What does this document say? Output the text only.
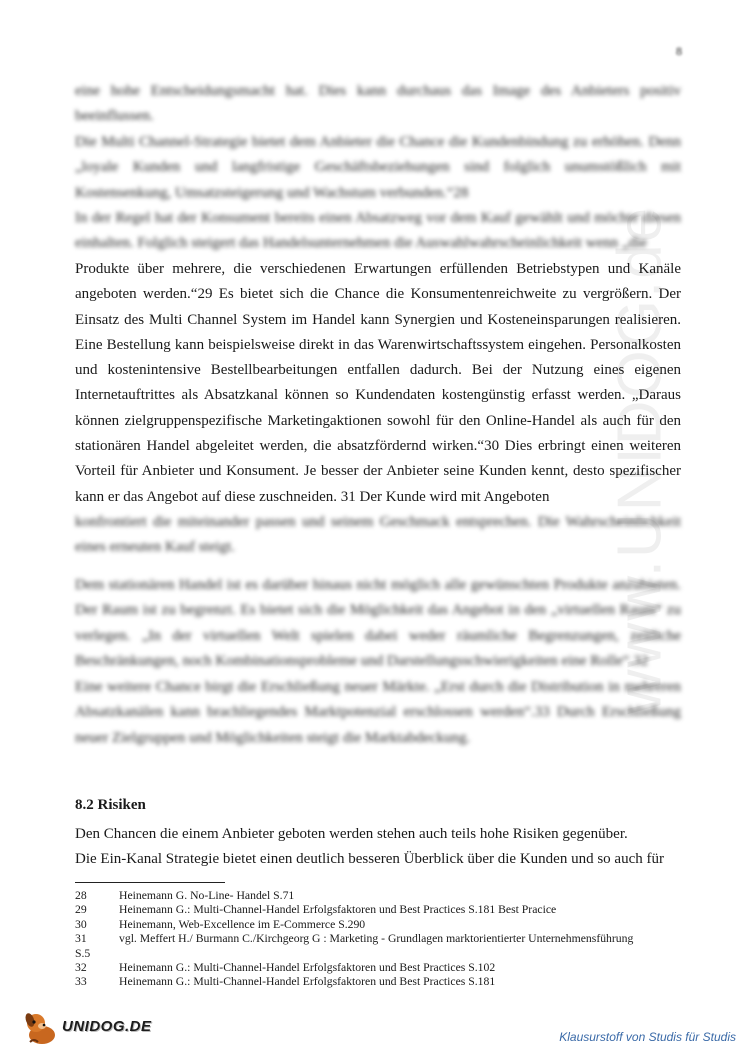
8
www.UNIDOG.de
eine hohe Entscheidungsmacht hat. Dies kann durchaus das Image des Anbieters positiv beeinflussen.
Die Multi Channel-Strategie bietet dem Anbieter die Chance die Kundenbindung zu erhöhen. Denn „loyale Kunden und langfristige Geschäftsbeziehungen sind folglich unumstößlich mit Kostensenkung, Umsatzsteigerung und Wachstum verbunden.“28
In der Regel hat der Konsument bereits einen Absatzweg vor dem Kauf gewählt und möchte diesen einhalten. Folglich steigert das Handelsunternehmen die Auswahlwahrscheinlichkeit wenn „die
Produkte über mehrere, die verschiedenen Erwartungen erfüllenden Betriebstypen und Kanäle angeboten werden.“29 Es bietet sich die Chance die Konsumentenreichweite zu vergrößern. Der Einsatz des Multi Channel System im Handel kann Synergien und Kosteneinsparungen realisieren. Eine Bestellung kann beispielsweise direkt in das Warenwirtschaftssystem eingehen. Personalkosten und kostenintensive Bestellbearbeitungen entfallen dadurch. Bei der Nutzung eines eigenen Internetauftrittes als Absatzkanal können so Kundendaten kostengünstig erfasst werden. „Daraus können zielgruppenspezifische Marketingaktionen sowohl für den Online-Handel als auch für den stationären Handel abgeleitet werden, die absatzfördernd wirken.“30 Dies erbringt einen weiteren Vorteil für Anbieter und Konsument. Je besser der Anbieter seine Kunden kennt, desto spezifischer kann er das Angebot auf diese zuschneiden. 31 Der Kunde wird mit Angeboten
konfrontiert die miteinander passen und seinem Geschmack entsprechen. Die Wahrscheinlichkeit eines erneuten Kauf steigt.
Dem stationären Handel ist es darüber hinaus nicht möglich alle gewünschten Produkte anzubieten. Der Raum ist zu begrenzt. Es bietet sich die Möglichkeit das Angebot in den „virtuellen Raum“ zu verlegen. „In der virtuellen Welt spielen dabei weder räumliche Begrenzungen, zeitliche Beschränkungen, noch Kombinationsprobleme und Darstellungsschwierigkeiten eine Rolle“.32
Eine weitere Chance birgt die Erschließung neuer Märkte. „Erst durch die Distribution in mehreren Absatzkanälen kann brachliegendes Marktpotenzial erschlossen werden“.33 Durch Erschließung neuer Zielgruppen und Möglichkeiten steigt die Marktabdeckung.
8.2 Risiken
Den Chancen die einem Anbieter geboten werden stehen auch teils hohe Risiken gegenüber.
Die Ein-Kanal Strategie bietet einen deutlich besseren Überblick über die Kunden und so auch für
28	Heinemann G. No-Line- Handel S.71
29	Heinemann G.: Multi-Channel-Handel Erfolgsfaktoren und Best Practices S.181 Best Pracice
30	Heinemann, Web-Excellence im E-Commerce S.290
31	vgl. Meffert H./ Burmann C./Kirchgeorg G : Marketing - Grundlagen marktorientierter Unternehmensführung
S.5
32	Heinemann G.: Multi-Channel-Handel Erfolgsfaktoren und Best Practices S.102
33	Heinemann G.: Multi-Channel-Handel Erfolgsfaktoren und Best Practices S.181
UNIDOG.DE
Klausurstoff von Studis für Studis
